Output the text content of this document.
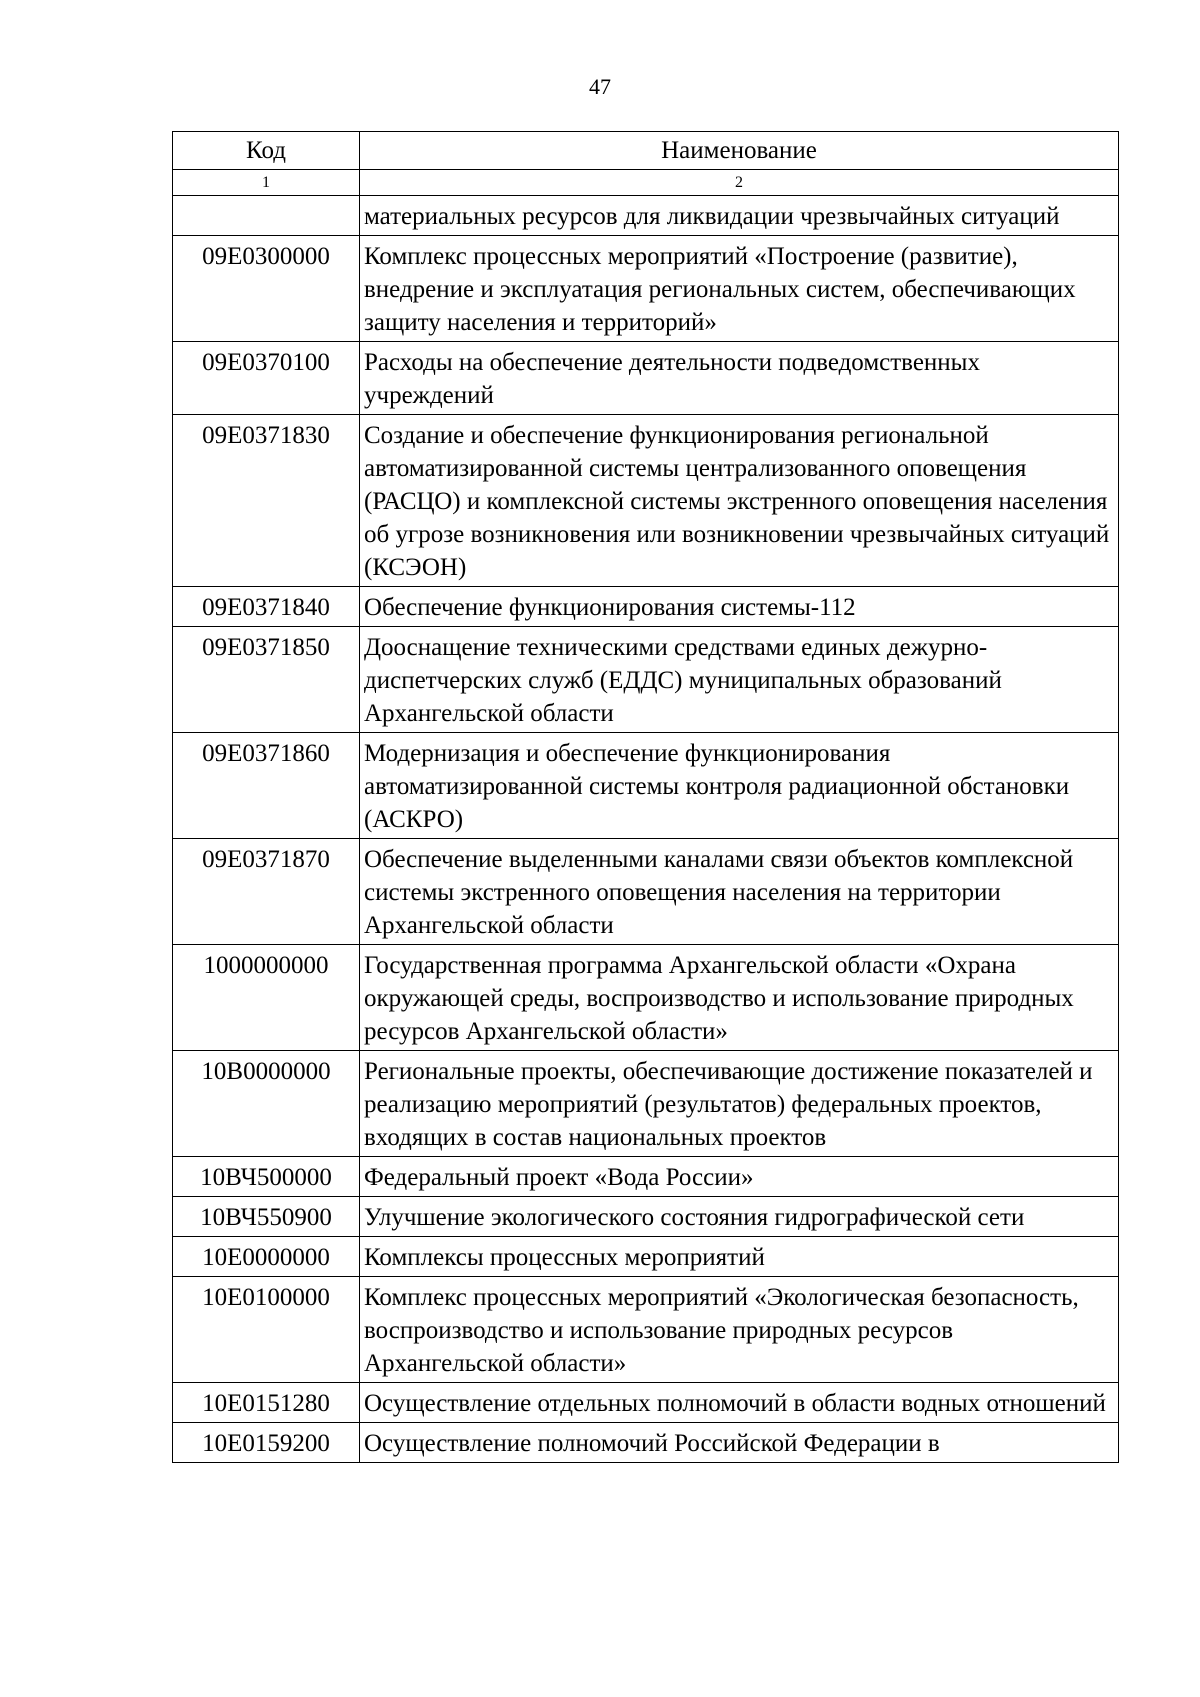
47
Код	Наименование
1	2
	материальных ресурсов для ликвидации чрезвычайных ситуаций
09Е0300000	Комплекс процессных мероприятий «Построение (развитие), внедрение и эксплуатация региональных систем, обеспечивающих защиту населения и территорий»
09Е0370100	Расходы на обеспечение деятельности подведомственных учреждений
09Е0371830	Создание и обеспечение функционирования региональной автоматизированной системы централизованного оповещения (РАСЦО) и комплексной системы экстренного оповещения населения об угрозе возникновения или возникновении чрезвычайных ситуаций (КСЭОН)
09Е0371840	Обеспечение функционирования системы-112
09Е0371850	Дооснащение техническими средствами единых дежурно-диспетчерских служб (ЕДДС) муниципальных образований Архангельской области
09Е0371860	Модернизация и обеспечение функционирования автоматизированной системы контроля радиационной обстановки (АСКРО)
09Е0371870	Обеспечение выделенными каналами связи объектов комплексной системы экстренного оповещения населения на территории Архангельской области
1000000000	Государственная программа Архангельской области «Охрана окружающей среды, воспроизводство и использование природных ресурсов Архангельской области»
10В0000000	Региональные проекты, обеспечивающие достижение показателей и реализацию мероприятий (результатов) федеральных проектов, входящих в состав национальных проектов
10ВЧ500000	Федеральный проект «Вода России»
10ВЧ550900	Улучшение экологического состояния гидрографической сети
10Е0000000	Комплексы процессных мероприятий
10Е0100000	Комплекс процессных мероприятий «Экологическая безопасность, воспроизводство и использование природных ресурсов Архангельской области»
10Е0151280	Осуществление отдельных полномочий в области водных отношений
10Е0159200	Осуществление полномочий Российской Федерации в
